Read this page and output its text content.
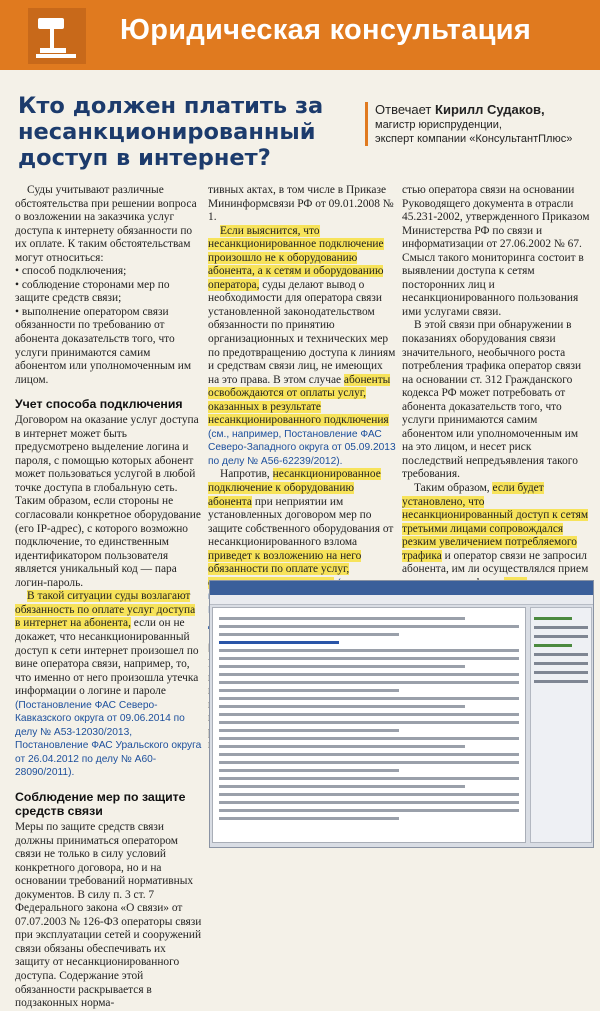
Юридическая консультация
Кто должен платить за несанкционированный доступ в интернет?
Отвечает Кирилл Судаков,
магистр юриспруденции,
эксперт компании «КонсультантПлюс»

Суды учитывают различные обстоятельства при решении вопроса о возложении на заказчика услуг доступа к интернету обязанности по их оплате. К таким обстоятельствам могут относиться:

• способ подключения;

• соблюдение сторонами мер по защите средств связи;

• выполнение оператором связи обязанности по требованию от абонента доказательств того, что услуги принимаются самим абонентом или уполномоченным им лицом.

Учет способа подключения

Договором на оказание услуг доступа в интернет может быть предусмотрено выделение логина и пароля, с помощью которых абонент может пользоваться услугой в любой точке доступа в глобальную сеть. Таким образом, если стороны не согласовали конкретное оборудование (его IP-адрес), с которого возможно подключение, то единственным идентификатором пользователя является уникальный код — пара логин-пароль.

В такой ситуации суды возлагают обязанность по оплате услуг доступа в интернет на абонента, если он не докажет, что несанкционированный доступ к сети интернет произошел по вине оператора связи, например, то, что именно от него произошла утечка информации о логине и пароле (Постановление ФАС Северо-Кавказского округа от 09.06.2014 по делу № А53-12030/2013, Постановление ФАС Уральского округа от 26.04.2012 по делу № А60-28090/2011).

Соблюдение мер по защите средств связи

Меры по защите средств связи должны приниматься оператором связи не только в силу условий конкретного договора, но и на основании требований нормативных документов. В силу п. 3 ст. 7 Федерального закона «О связи» от 07.07.2003 № 126-ФЗ операторы связи при эксплуатации сетей и сооружений связи обязаны обеспечивать их защиту от несанкционированного доступа. Содержание этой обязанности раскрывается в подзаконных норма-

тивных актах, в том числе в Приказе Мининформсвязи РФ от 09.01.2008 № 1.

Если выяснится, что несанкционированное подключение произошло не к оборудованию абонента, а к сетям и оборудованию оператора, суды делают вывод о необходимости для оператора связи установленной законодательством обязанности по принятию организационных и технических мер по предотвращению доступа к линиям и средствам связи лиц, не имеющих на это права. В этом случае абоненты освобождаются от оплаты услуг, оказанных в результате несанкционированного подключения (см., например, Постановление ФАС Северо-Западного округа от 05.09.2013 по делу № А56-62239/2012).

Напротив, несанкционированное подключение к оборудованию абонента при неприятии им установленных договором мер по защите собственного оборудования от несанкционированного взлома приведет к возложению на него обязанности по оплате услуг,

стью оператора связи на основании Руководящего документа в отрасли 45.231-2002, утвержденного Приказом Министерства РФ по связи и информатизации от 27.06.2002 № 67. Смысл такого мониторинга состоит в выявлении доступа к сетям посторонних лиц и несанкционированного пользования ими услугами связи.

В этой связи при обнаружении в показаниях оборудования связи значительного, необычного роста потребления трафика оператор связи на основании ст. 312 Гражданского кодекса РФ может потребовать от абонента доказательств того, что услуги принимаются самим абонентом или уполномоченным им на это лицом, и несет риск последствий непредъявления такого требования.

Таким образом, если будет установлено, что несанкционированный доступ к сетям третьими лицами сопровождался резким увеличением потребляемого трафика и оператор связи не запросил абонента, им ли осуществлялся прием
